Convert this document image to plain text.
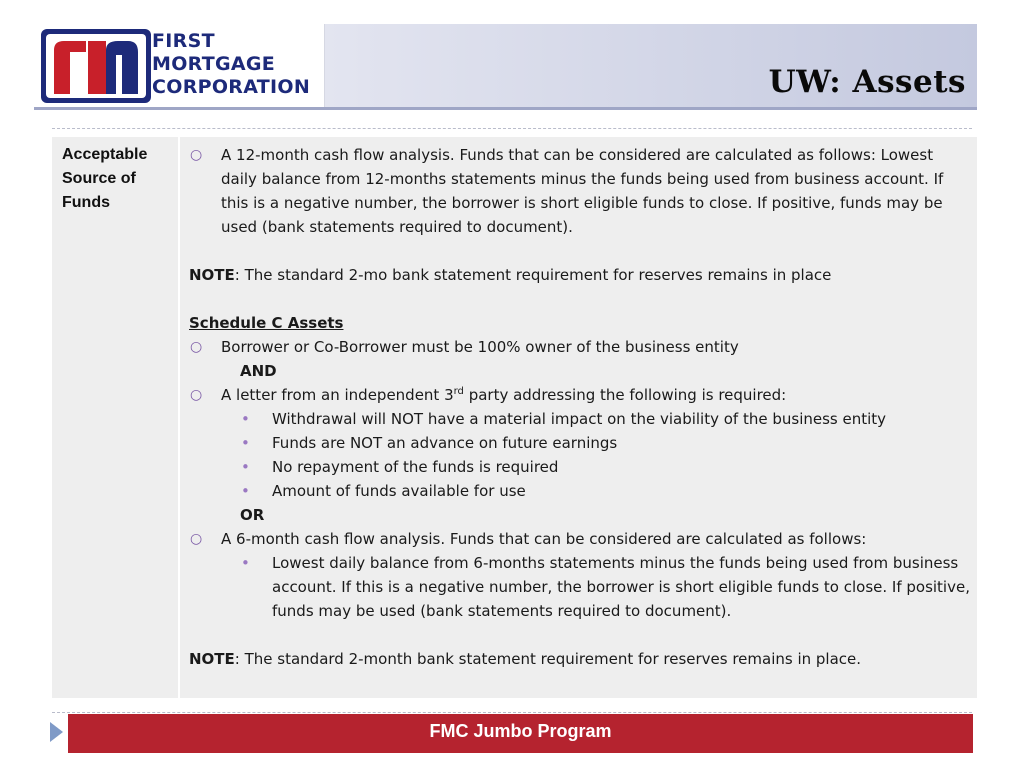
FIRST
MORTGAGE
CORPORATION	UW: Assets
Acceptable Source of Funds
○ A 12-month cash flow analysis. Funds that can be considered are calculated as follows: Lowest daily balance from 12-months statements minus the funds being used from business account. If this is a negative number, the borrower is short eligible funds to close. If positive, funds may be used (bank statements required to document).
NOTE: The standard 2-mo bank statement requirement for reserves remains in place
Schedule C Assets
○ Borrower or Co-Borrower must be 100% owner of the business entity
AND
○ A letter from an independent 3rd party addressing the following is required:
• Withdrawal will NOT have a material impact on the viability of the business entity
• Funds are NOT an advance on future earnings
• No repayment of the funds is required
• Amount of funds available for use
OR
○ A 6-month cash flow analysis. Funds that can be considered are calculated as follows:
• Lowest daily balance from 6-months statements minus the funds being used from business account. If this is a negative number, the borrower is short eligible funds to close. If positive, funds may be used (bank statements required to document).
NOTE: The standard 2-month bank statement requirement for reserves remains in place.
FMC Jumbo Program
